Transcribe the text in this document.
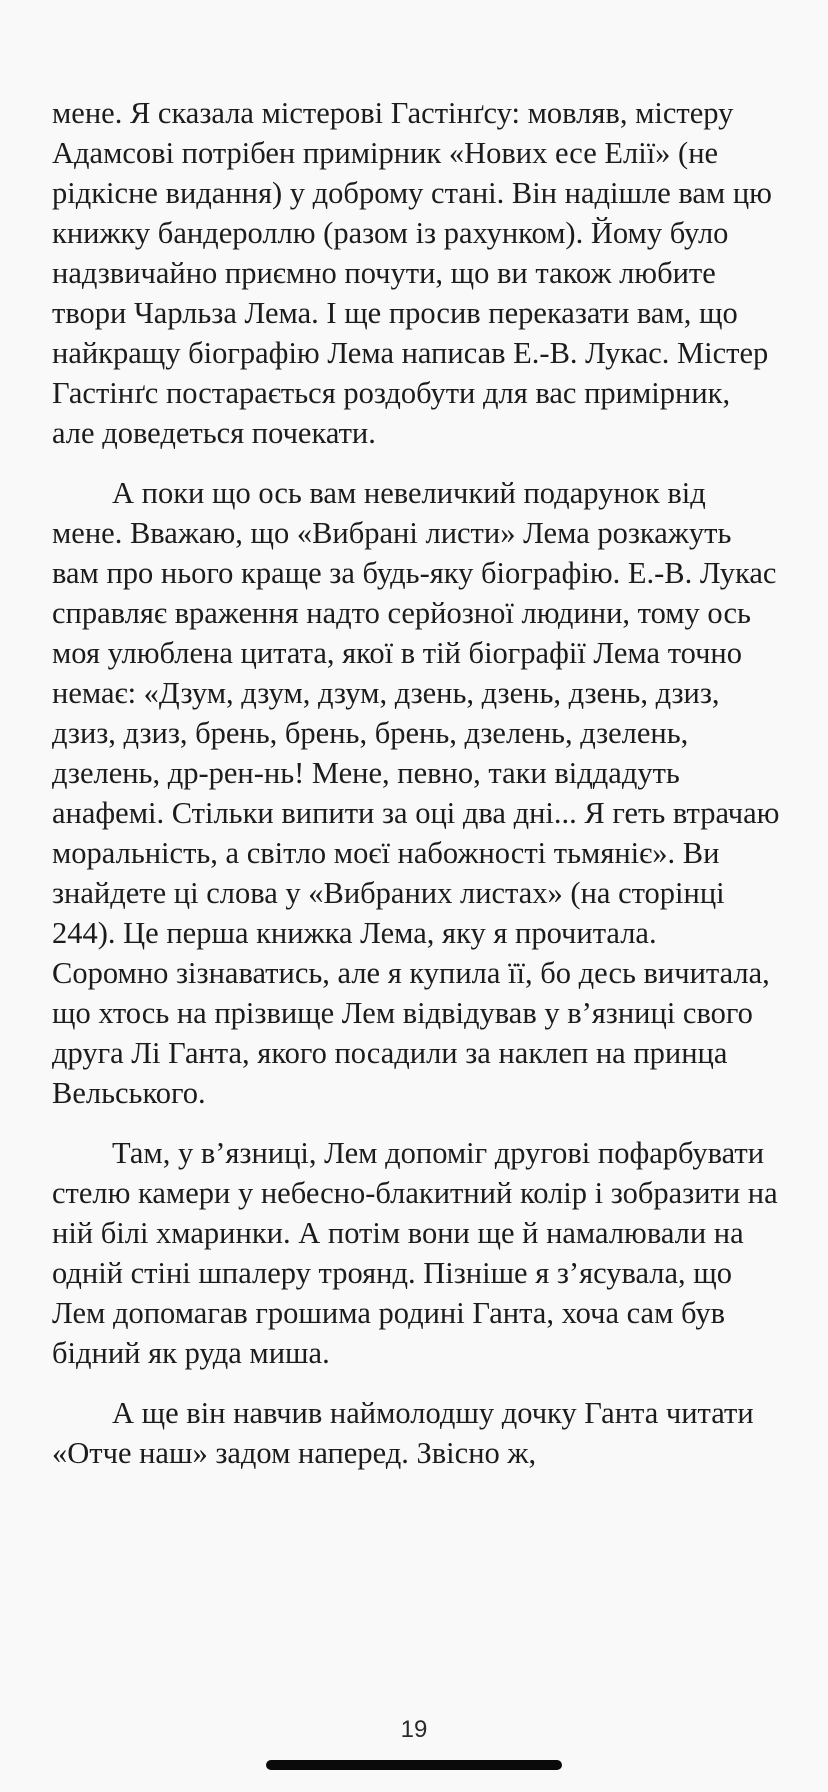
мене. Я сказала містерові Гастінґсу: мовляв, містеру Адамсові потрібен примірник «Нових есе Елії» (не рідкісне видання) у доброму стані. Він надішле вам цю книжку бандероллю (разом із рахунком). Йому було надзвичайно приємно почути, що ви також любите твори Чарльза Лема. І ще просив переказати вам, що найкращу біографію Лема написав Е.-В. Лукас. Містер Гастінґс постарається роздобути для вас примірник, але доведеться почекати.

А поки що ось вам невеличкий подарунок від мене. Вважаю, що «Вибрані листи» Лема розкажуть вам про нього краще за будь-яку біографію. Е.-В. Лукас справляє враження надто серйозної людини, тому ось моя улюблена цитата, якої в тій біографії Лема точно немає: «Дзум, дзум, дзум, дзень, дзень, дзень, дзиз, дзиз, дзиз, брень, брень, брень, дзелень, дзелень, дзелень, др-рен-нь! Мене, певно, таки віддадуть анафемі. Стільки випити за оці два дні... Я геть втрачаю моральність, а світло моєї набожності тьмяніє». Ви знайдете ці слова у «Вибраних листах» (на сторінці 244). Це перша книжка Лема, яку я прочитала. Соромно зізнаватись, але я купила її, бо десь вичитала, що хтось на прізвище Лем відвідував у в’язниці свого друга Лі Ганта, якого посадили за наклеп на принца Вельського.

Там, у в’язниці, Лем допоміг другові пофарбувати стелю камери у небесно-блакитний колір і зобразити на ній білі хмаринки. А потім вони ще й намалювали на одній стіні шпалеру троянд. Пізніше я з’ясувала, що Лем допомагав грошима родині Ганта, хоча сам був бідний як руда миша.

А ще він навчив наймолодшу дочку Ганта читати «Отче наш» задом наперед. Звісно ж,

19
